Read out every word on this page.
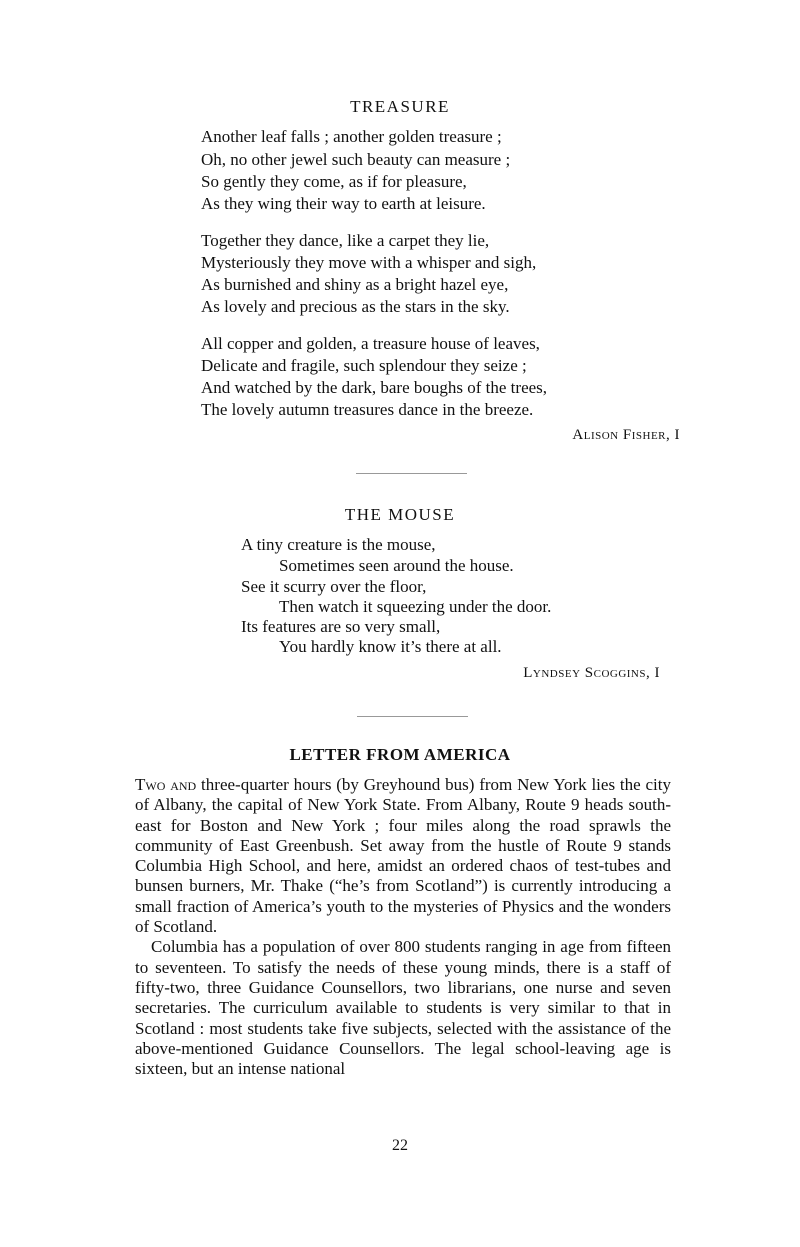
TREASURE
Another leaf falls ; another golden treasure ;
Oh, no other jewel such beauty can measure ;
So gently they come, as if for pleasure,
As they wing their way to earth at leisure.
Together they dance, like a carpet they lie,
Mysteriously they move with a whisper and sigh,
As burnished and shiny as a bright hazel eye,
As lovely and precious as the stars in the sky.
All copper and golden, a treasure house of leaves,
Delicate and fragile, such splendour they seize ;
And watched by the dark, bare boughs of the trees,
The lovely autumn treasures dance in the breeze.
Alison Fisher, I
THE MOUSE
A tiny creature is the mouse,
Sometimes seen around the house.
See it scurry over the floor,
Then watch it squeezing under the door.
Its features are so very small,
You hardly know it’s there at all.
Lyndsey Scoggins, I
LETTER FROM AMERICA

Two and three-quarter hours (by Greyhound bus) from New York lies the city of Albany, the capital of New York State. From Albany, Route 9 heads south-east for Boston and New York ; four miles along the road sprawls the community of East Greenbush. Set away from the hustle of Route 9 stands Columbia High School, and here, amidst an ordered chaos of test-tubes and bunsen burners, Mr. Thake (“he’s from Scotland”) is currently introducing a small fraction of America’s youth to the mysteries of Physics and the wonders of Scotland.

Columbia has a population of over 800 students ranging in age from fifteen to seventeen. To satisfy the needs of these young minds, there is a staff of fifty-two, three Guidance Counsellors, two librarians, one nurse and seven secretaries. The curriculum available to students is very similar to that in Scotland : most students take five subjects, selected with the assistance of the above-mentioned Guidance Counsellors. The legal school-leaving age is sixteen, but an intense national

22
